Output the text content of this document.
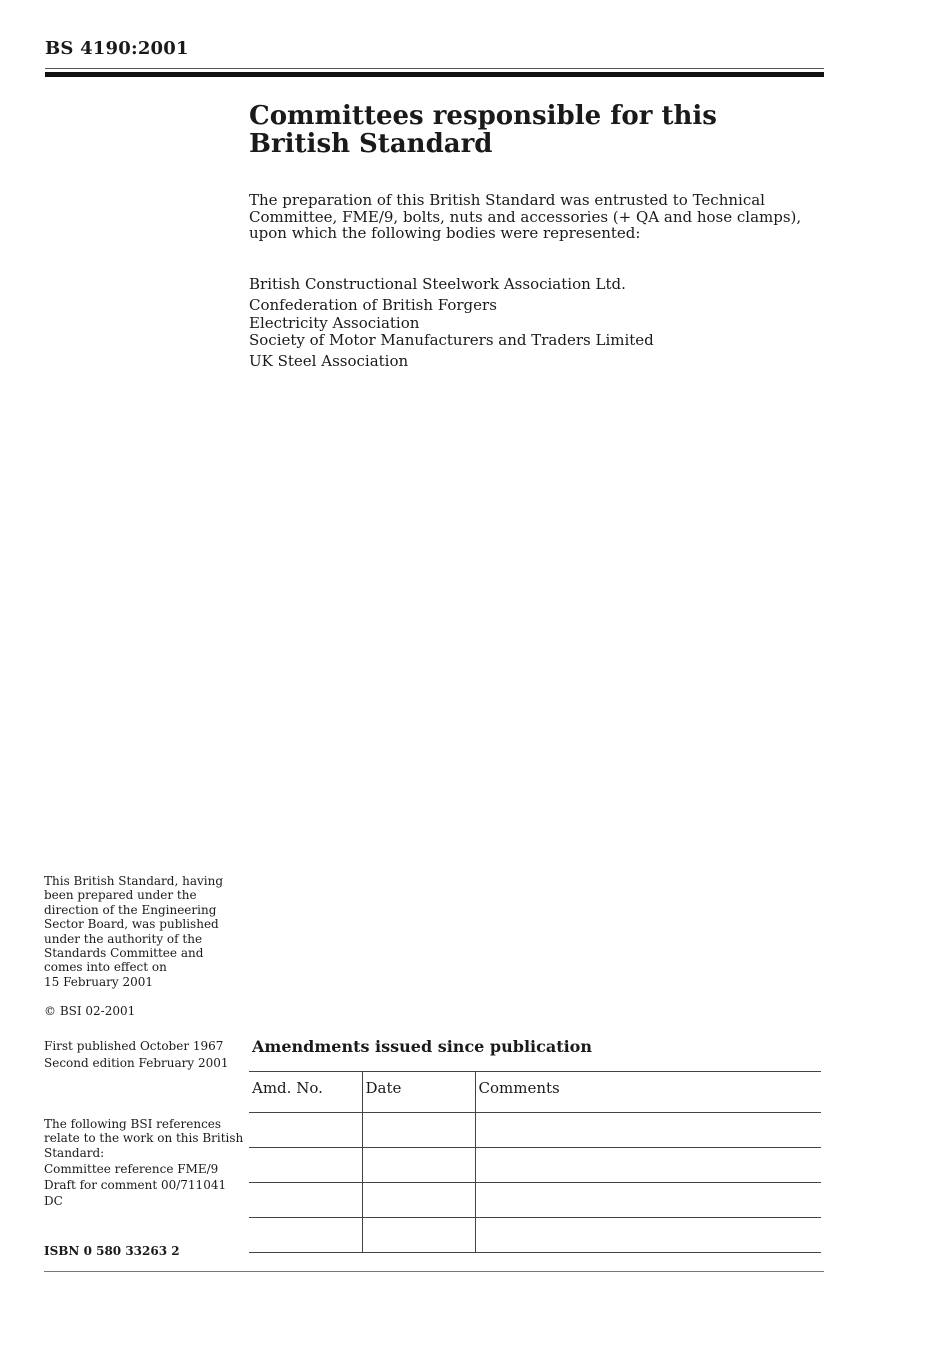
BS 4190:2001
Committees responsible for this
British Standard
The preparation of this British Standard was entrusted to Technical Committee, FME/9, bolts, nuts and accessories (+ QA and hose clamps), upon which the following bodies were represented:
British Constructional Steelwork Association Ltd.
Confederation of British Forgers
Electricity Association
Society of Motor Manufacturers and Traders Limited
UK Steel Association
This British Standard, having
been prepared under the
direction of the Engineering
Sector Board, was published
under the authority of the
Standards Committee and
comes into effect on
15 February 2001
© BSI 02-2001
First published October 1967
Second edition February 2001
The following BSI references
relate to the work on this British
Standard:
Committee reference FME/9
Draft for comment 00/711041 DC
ISBN 0 580 33263 2
Amendments issued since publication
Amd. No.	Date	Comments
